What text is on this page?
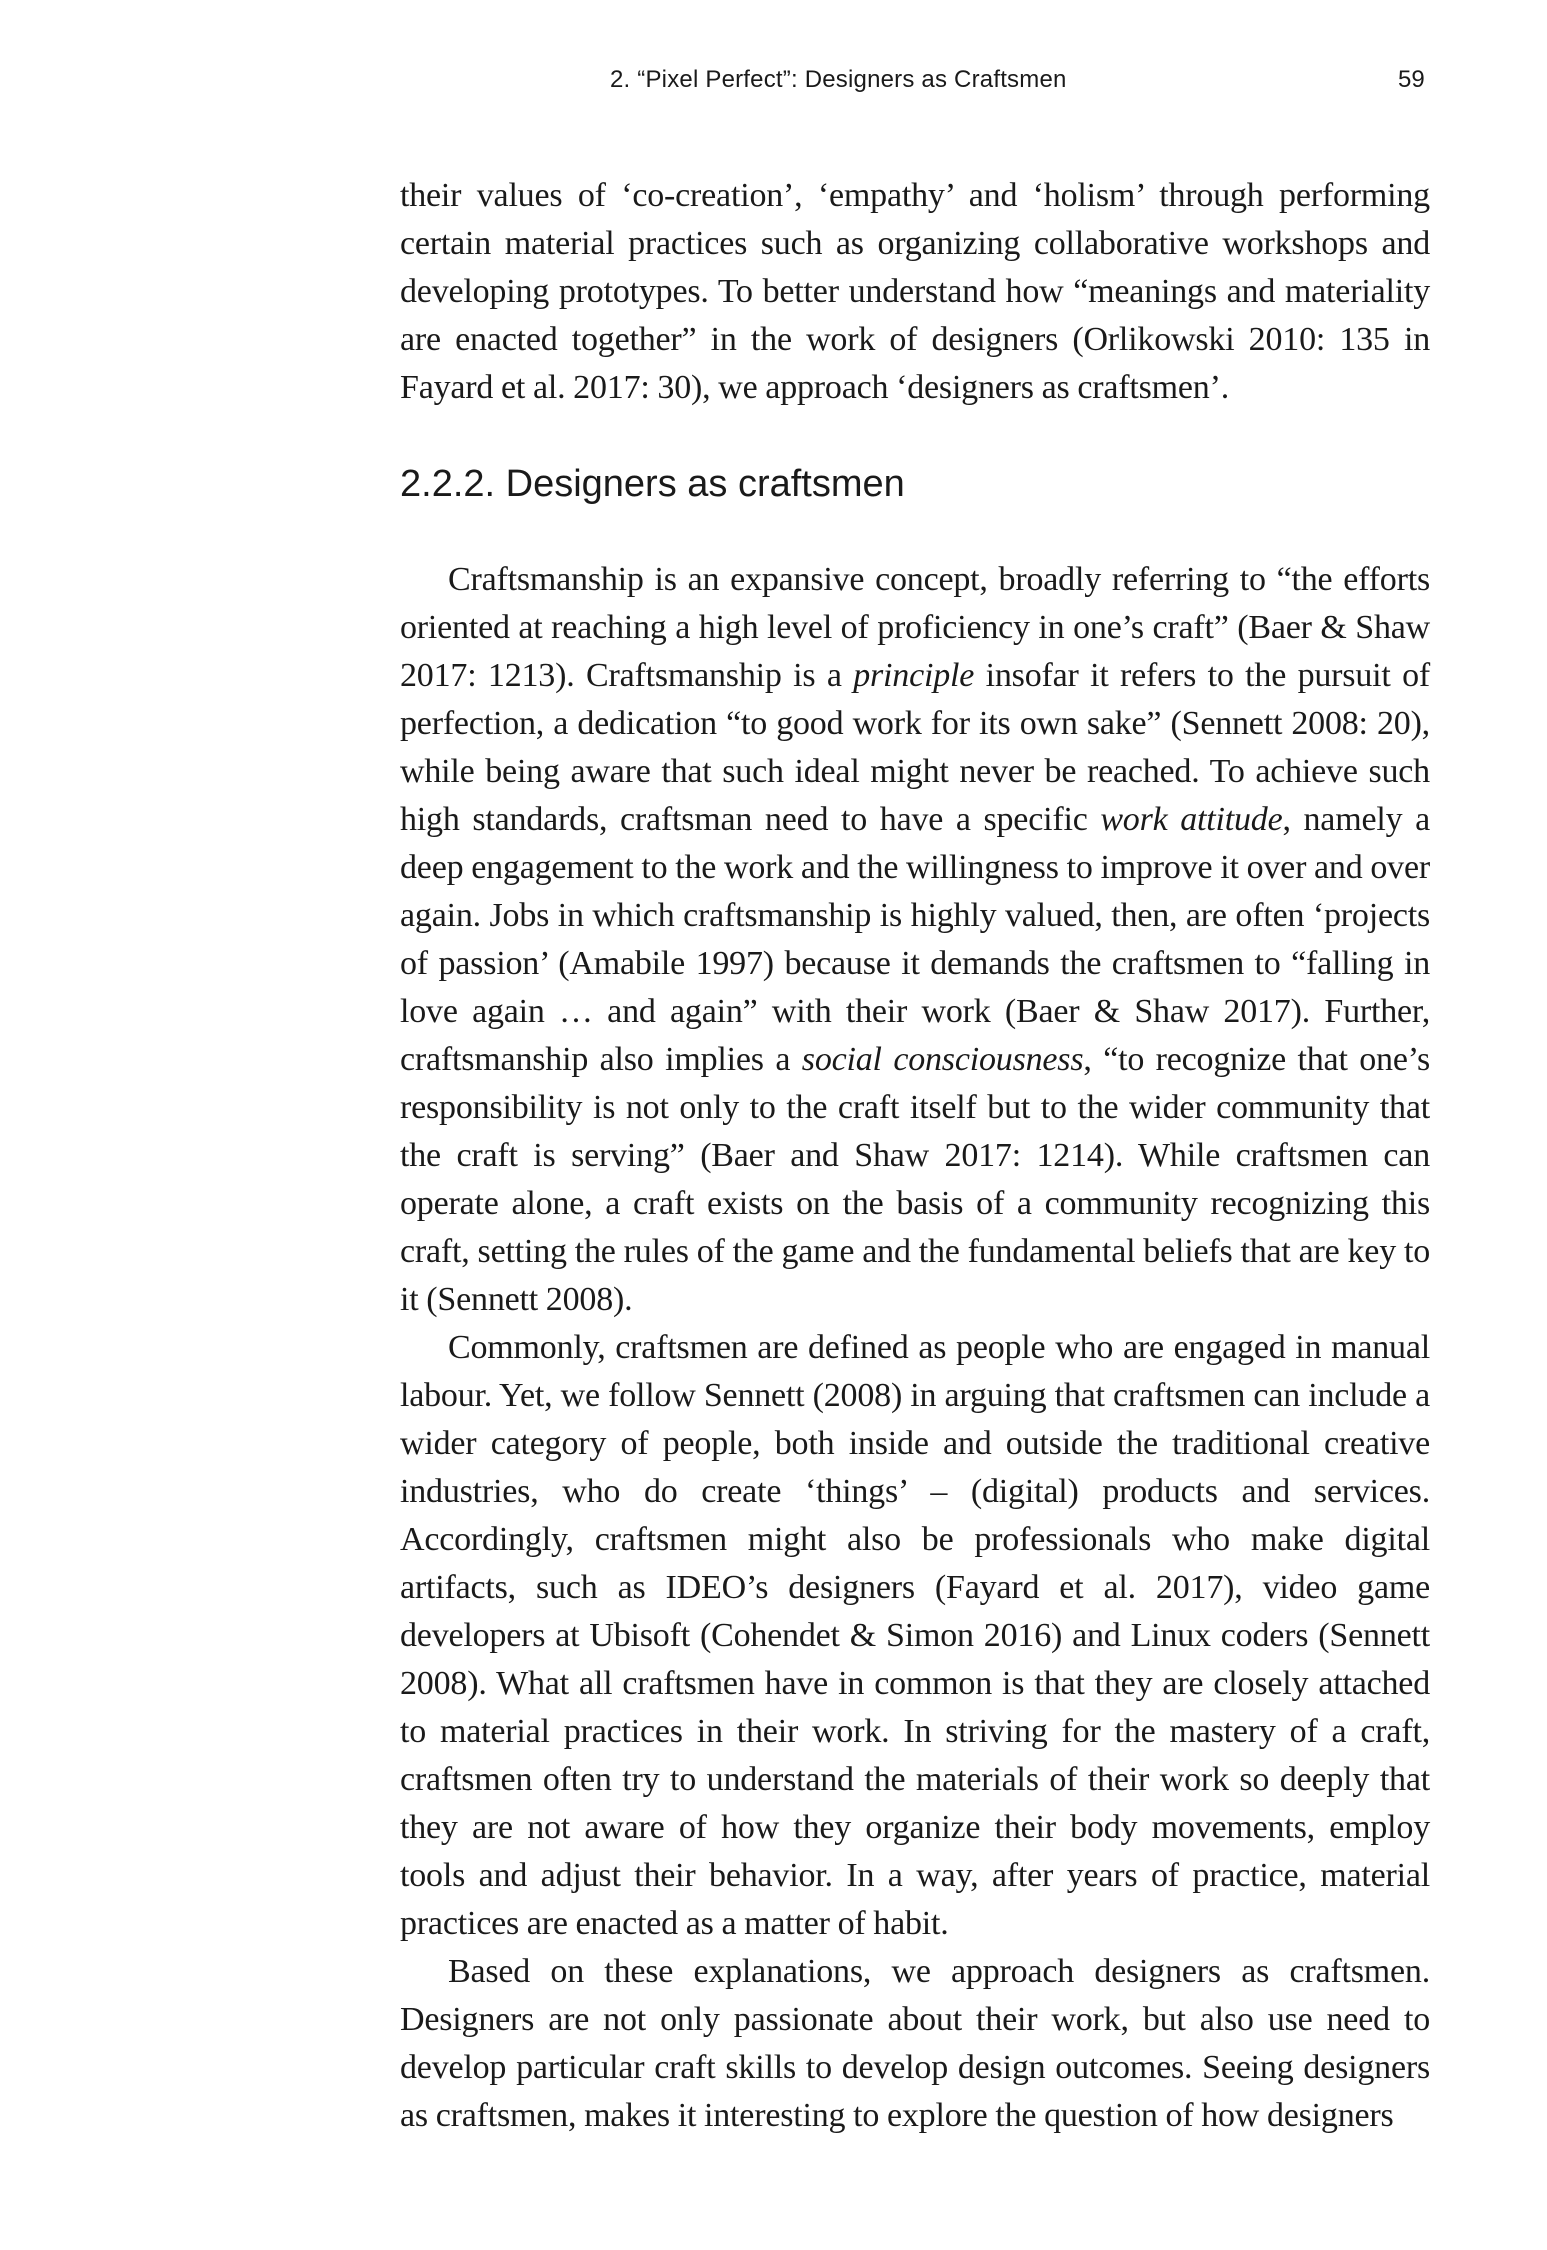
2. “Pixel Perfect”: Designers as Craftsmen	59

their values of ‘co-creation’, ‘empathy’ and ‘holism’ through performing certain material practices such as organizing collaborative workshops and developing prototypes. To better understand how “meanings and materiality are enacted together” in the work of designers (Orlikowski 2010: 135 in Fayard et al. 2017: 30), we approach ‘designers as craftsmen’.

2.2.2. Designers as craftsmen

Craftsmanship is an expansive concept, broadly referring to “the efforts oriented at reaching a high level of proficiency in one’s craft” (Baer & Shaw 2017: 1213). Craftsmanship is a principle insofar it refers to the pursuit of perfection, a dedication “to good work for its own sake” (Sennett 2008: 20), while being aware that such ideal might never be reached. To achieve such high standards, craftsman need to have a specific work attitude, namely a deep engagement to the work and the willingness to improve it over and over again. Jobs in which craftsmanship is highly valued, then, are often ‘projects of passion’ (Amabile 1997) because it demands the craftsmen to “falling in love again … and again” with their work (Baer & Shaw 2017). Further, craftsmanship also implies a social consciousness, “to recognize that one’s responsibility is not only to the craft itself but to the wider community that the craft is serving” (Baer and Shaw 2017: 1214). While craftsmen can operate alone, a craft exists on the basis of a community recognizing this craft, setting the rules of the game and the fundamental beliefs that are key to it (Sennett 2008).

Commonly, craftsmen are defined as people who are engaged in manual labour. Yet, we follow Sennett (2008) in arguing that craftsmen can include a wider category of people, both inside and outside the traditional creative industries, who do create ‘things’ – (digital) products and services. Accordingly, craftsmen might also be professionals who make digital artifacts, such as IDEO’s designers (Fayard et al. 2017), video game developers at Ubisoft (Cohendet & Simon 2016) and Linux coders (Sennett 2008). What all craftsmen have in common is that they are closely attached to material practices in their work. In striving for the mastery of a craft, craftsmen often try to understand the materials of their work so deeply that they are not aware of how they organize their body movements, employ tools and adjust their behavior. In a way, after years of practice, material practices are enacted as a matter of habit.

Based on these explanations, we approach designers as craftsmen. Designers are not only passionate about their work, but also use need to develop particular craft skills to develop design outcomes. Seeing designers as craftsmen, makes it interesting to explore the question of how designers
